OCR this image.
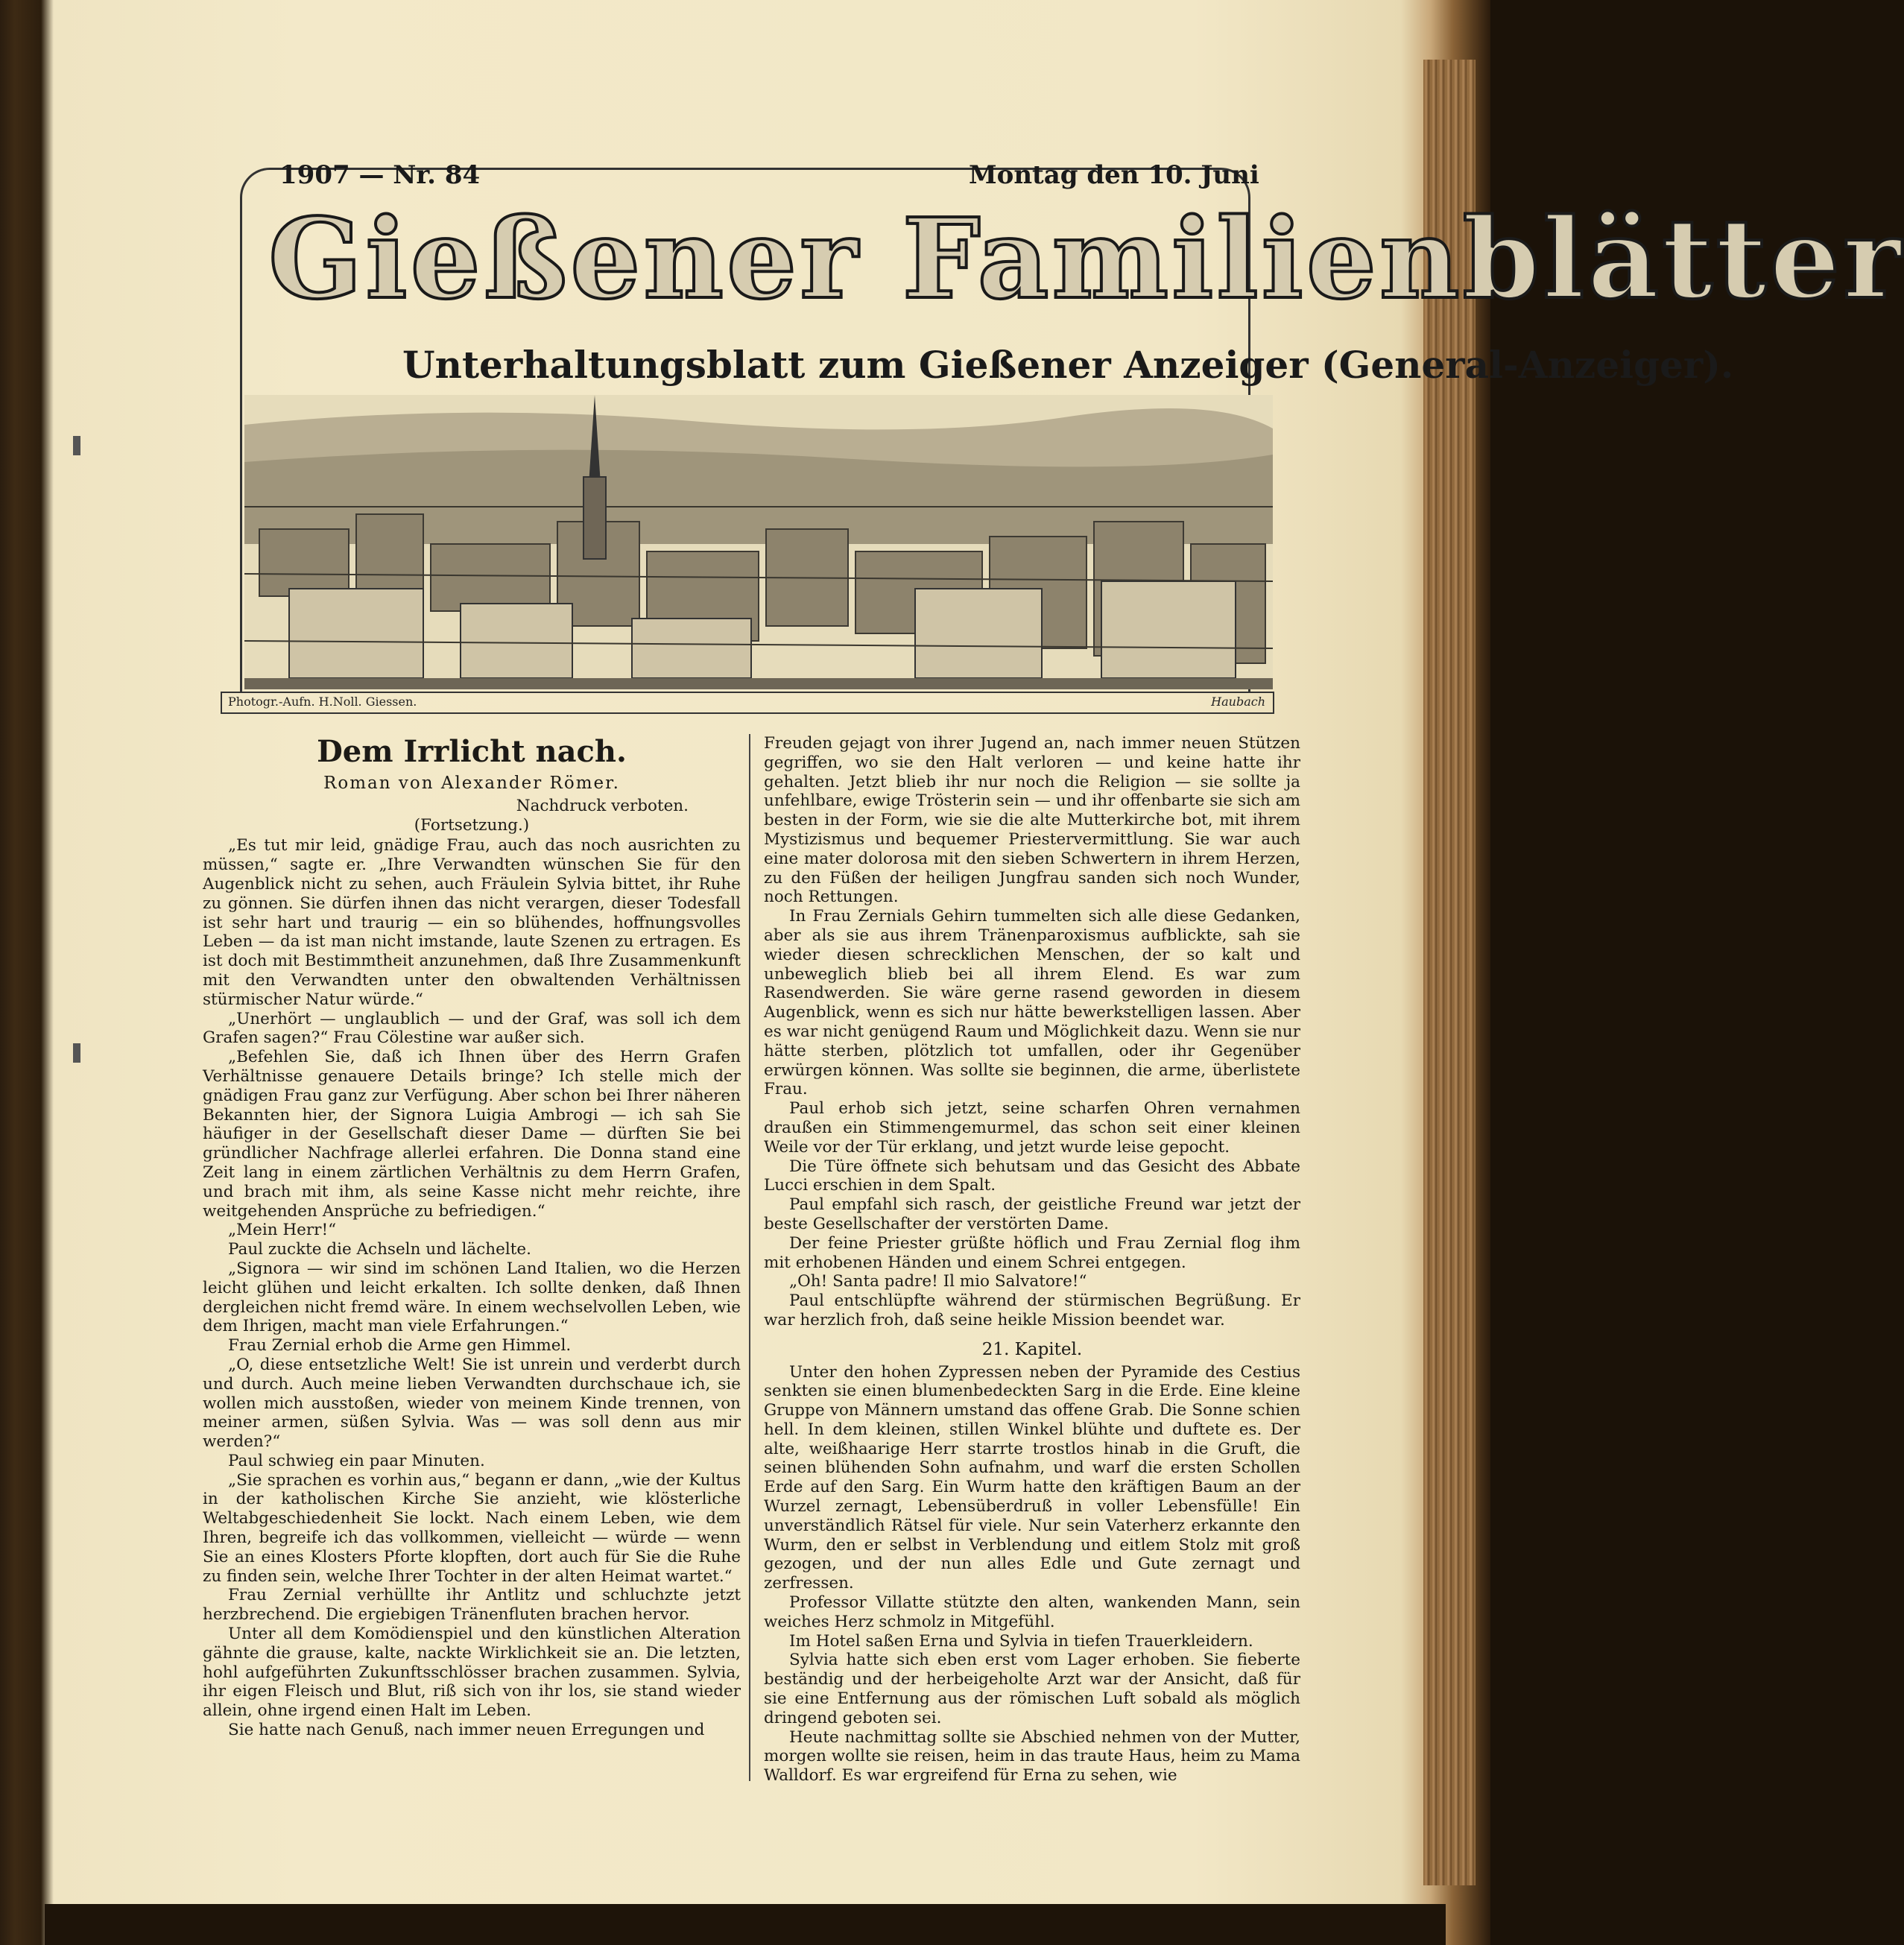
1907 — Nr. 84	Montag den 10. Juni
Gießener Familienblätter
Unterhaltungsblatt zum Gießener Anzeiger (General-Anzeiger).
Photogr.-Aufn. H.Noll. Giessen.	Haubach
Dem Irrlicht nach.
Roman von Alexander Römer.

Nachdruck verboten.

(Fortsetzung.)

„Es tut mir leid, gnädige Frau, auch das noch ausrichten zu müssen,“ sagte er. „Ihre Verwandten wünschen Sie für den Augenblick nicht zu sehen, auch Fräulein Sylvia bittet, ihr Ruhe zu gönnen. Sie dürfen ihnen das nicht verargen, dieser Todesfall ist sehr hart und traurig — ein so blühendes, hoffnungsvolles Leben — da ist man nicht imstande, laute Szenen zu ertragen. Es ist doch mit Bestimmtheit anzunehmen, daß Ihre Zusammenkunft mit den Verwandten unter den obwaltenden Verhältnissen stürmischer Natur würde.“

„Unerhört — unglaublich — und der Graf, was soll ich dem Grafen sagen?“ Frau Cölestine war außer sich.

„Befehlen Sie, daß ich Ihnen über des Herrn Grafen Verhältnisse genauere Details bringe? Ich stelle mich der gnädigen Frau ganz zur Verfügung. Aber schon bei Ihrer näheren Bekannten hier, der Signora Luigia Ambrogi — ich sah Sie häufiger in der Gesellschaft dieser Dame — dürften Sie bei gründlicher Nachfrage allerlei erfahren. Die Donna stand eine Zeit lang in einem zärtlichen Verhältnis zu dem Herrn Grafen, und brach mit ihm, als seine Kasse nicht mehr reichte, ihre weitgehenden Ansprüche zu befriedigen.“

„Mein Herr!“

Paul zuckte die Achseln und lächelte.

„Signora — wir sind im schönen Land Italien, wo die Herzen leicht glühen und leicht erkalten. Ich sollte denken, daß Ihnen dergleichen nicht fremd wäre. In einem wechselvollen Leben, wie dem Ihrigen, macht man viele Erfahrungen.“

Frau Zernial erhob die Arme gen Himmel.

„O, diese entsetzliche Welt! Sie ist unrein und verderbt durch und durch. Auch meine lieben Verwandten durchschaue ich, sie wollen mich ausstoßen, wieder von meinem Kinde trennen, von meiner armen, süßen Sylvia. Was — was soll denn aus mir werden?“

Paul schwieg ein paar Minuten.

„Sie sprachen es vorhin aus,“ begann er dann, „wie der Kultus in der katholischen Kirche Sie anzieht, wie klösterliche Weltabgeschiedenheit Sie lockt. Nach einem Leben, wie dem Ihren, begreife ich das vollkommen, vielleicht — würde — wenn Sie an eines Klosters Pforte klopften, dort auch für Sie die Ruhe zu finden sein, welche Ihrer Tochter in der alten Heimat wartet.“

Frau Zernial verhüllte ihr Antlitz und schluchzte jetzt herzbrechend. Die ergiebigen Tränenfluten brachen hervor.

Unter all dem Komödienspiel und den künstlichen Alteration gähnte die grause, kalte, nackte Wirklichkeit sie an. Die letzten, hohl aufgeführten Zukunftsschlösser brachen zusammen. Sylvia, ihr eigen Fleisch und Blut, riß sich von ihr los, sie stand wieder allein, ohne irgend einen Halt im Leben.

Sie hatte nach Genuß, nach immer neuen Erregungen und

Freuden gejagt von ihrer Jugend an, nach immer neuen Stützen gegriffen, wo sie den Halt verloren — und keine hatte ihr gehalten. Jetzt blieb ihr nur noch die Religion — sie sollte ja unfehlbare, ewige Trösterin sein — und ihr offenbarte sie sich am besten in der Form, wie sie die alte Mutterkirche bot, mit ihrem Mystizismus und bequemer Priestervermittlung. Sie war auch eine mater dolorosa mit den sieben Schwertern in ihrem Herzen, zu den Füßen der heiligen Jungfrau sanden sich noch Wunder, noch Rettungen.

In Frau Zernials Gehirn tummelten sich alle diese Gedanken, aber als sie aus ihrem Tränenparoxismus aufblickte, sah sie wieder diesen schrecklichen Menschen, der so kalt und unbeweglich blieb bei all ihrem Elend. Es war zum Rasendwerden. Sie wäre gerne rasend geworden in diesem Augenblick, wenn es sich nur hätte bewerkstelligen lassen. Aber es war nicht genügend Raum und Möglichkeit dazu. Wenn sie nur hätte sterben, plötzlich tot umfallen, oder ihr Gegenüber erwürgen können. Was sollte sie beginnen, die arme, überlistete Frau.

Paul erhob sich jetzt, seine scharfen Ohren vernahmen draußen ein Stimmengemurmel, das schon seit einer kleinen Weile vor der Tür erklang, und jetzt wurde leise gepocht.

Die Türe öffnete sich behutsam und das Gesicht des Abbate Lucci erschien in dem Spalt.

Paul empfahl sich rasch, der geistliche Freund war jetzt der beste Gesellschafter der verstörten Dame.

Der feine Priester grüßte höflich und Frau Zernial flog ihm mit erhobenen Händen und einem Schrei entgegen.

„Oh! Santa padre! Il mio Salvatore!“

Paul entschlüpfte während der stürmischen Begrüßung. Er war herzlich froh, daß seine heikle Mission beendet war.

21. Kapitel.

Unter den hohen Zypressen neben der Pyramide des Cestius senkten sie einen blumenbedeckten Sarg in die Erde. Eine kleine Gruppe von Männern umstand das offene Grab. Die Sonne schien hell. In dem kleinen, stillen Winkel blühte und duftete es. Der alte, weißhaarige Herr starrte trostlos hinab in die Gruft, die seinen blühenden Sohn aufnahm, und warf die ersten Schollen Erde auf den Sarg. Ein Wurm hatte den kräftigen Baum an der Wurzel zernagt, Lebensüberdruß in voller Lebensfülle! Ein unverständlich Rätsel für viele. Nur sein Vaterherz erkannte den Wurm, den er selbst in Verblendung und eitlem Stolz mit groß gezogen, und der nun alles Edle und Gute zernagt und zerfressen.

Professor Villatte stützte den alten, wankenden Mann, sein weiches Herz schmolz in Mitgefühl.

Im Hotel saßen Erna und Sylvia in tiefen Trauerkleidern.

Sylvia hatte sich eben erst vom Lager erhoben. Sie fieberte beständig und der herbeigeholte Arzt war der Ansicht, daß für sie eine Entfernung aus der römischen Luft sobald als möglich dringend geboten sei.

Heute nachmittag sollte sie Abschied nehmen von der Mutter, morgen wollte sie reisen, heim in das traute Haus, heim zu Mama Walldorf. Es war ergreifend für Erna zu sehen, wie
